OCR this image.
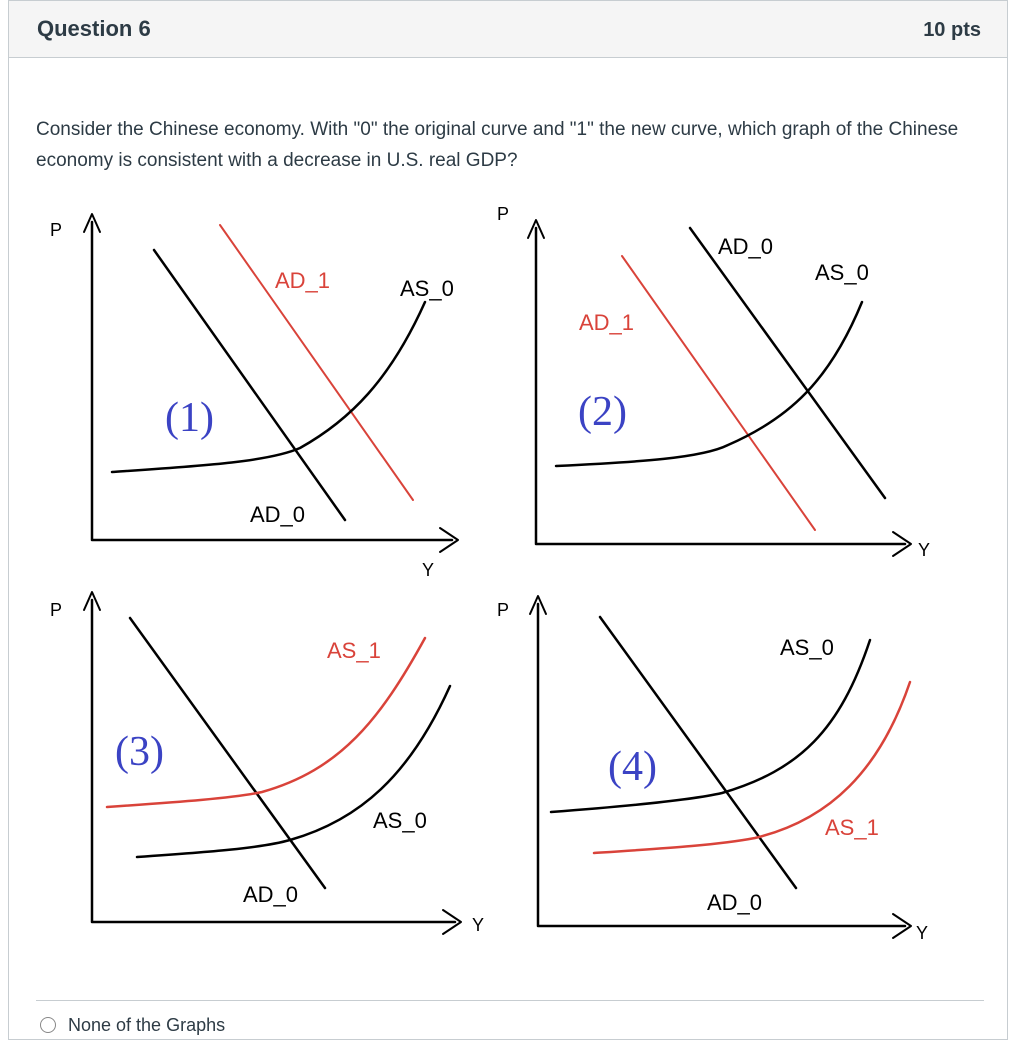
Question 6	10 pts
Consider the Chinese economy. With "0" the original curve and "1" the new curve, which graph of the Chinese economy is consistent with a decrease in U.S. real GDP?
(1)
AD_1	AS_0
AD_0
P
Y
(2)
AD_0
AS_0
AD_1
P
Y
(3)
AS_1
AS_0
AD_0
P
Y
(4)
AS_0
AS_1
AD_0
P
Y
None of the Graphs
